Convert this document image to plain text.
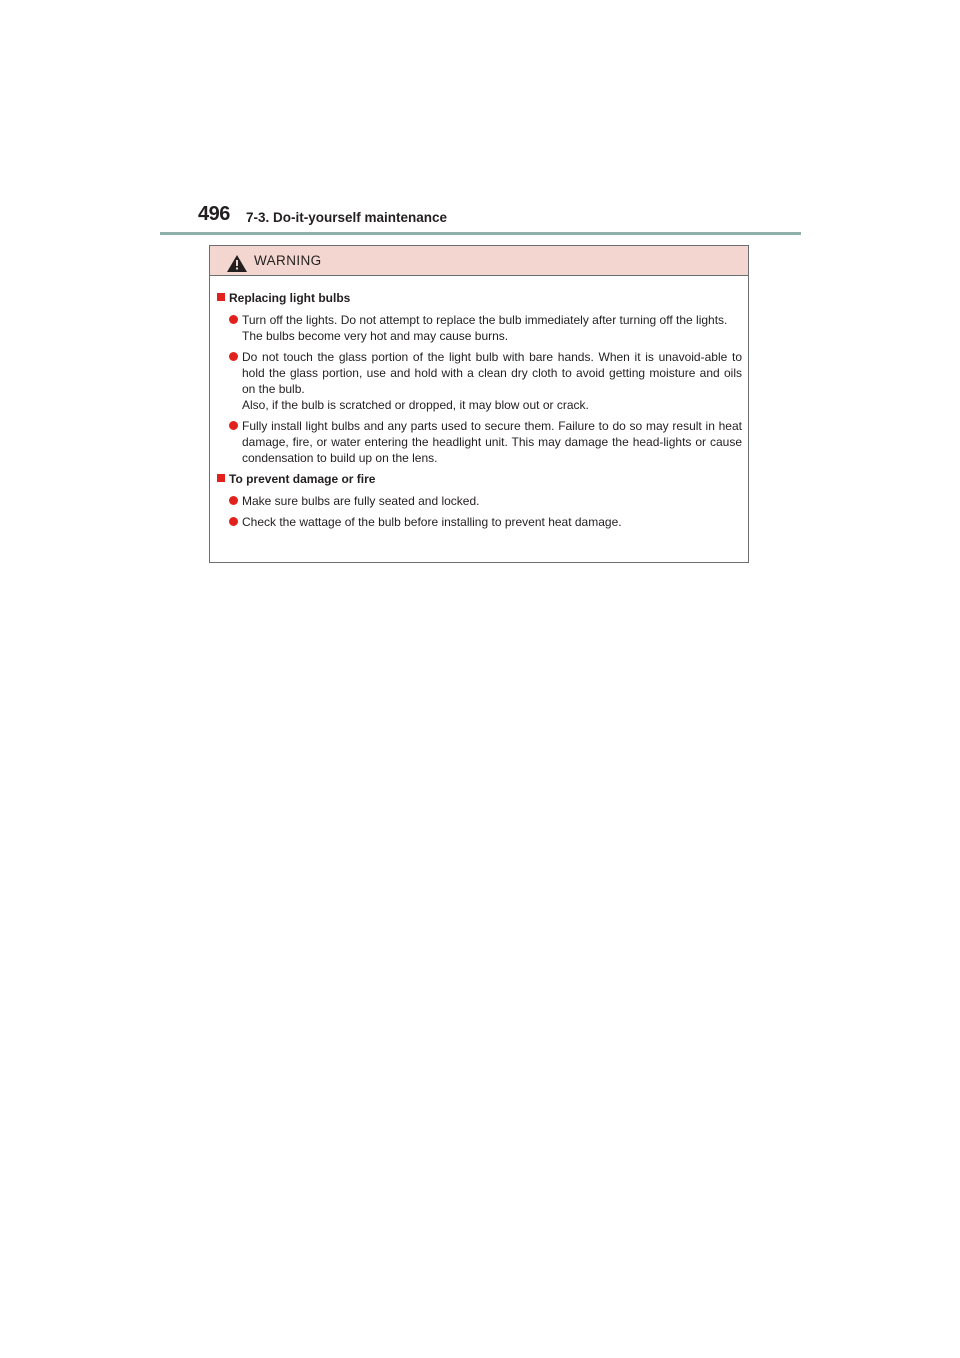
496 7-3. Do-it-yourself maintenance
WARNING
Replacing light bulbs
Turn off the lights. Do not attempt to replace the bulb immediately after turning off the lights.
The bulbs become very hot and may cause burns.
Do not touch the glass portion of the light bulb with bare hands. When it is unavoid-able to hold the glass portion, use and hold with a clean dry cloth to avoid getting moisture and oils on the bulb.
Also, if the bulb is scratched or dropped, it may blow out or crack.
Fully install light bulbs and any parts used to secure them. Failure to do so may result in heat damage, fire, or water entering the headlight unit. This may damage the head-lights or cause condensation to build up on the lens.
To prevent damage or fire
Make sure bulbs are fully seated and locked.
Check the wattage of the bulb before installing to prevent heat damage.
